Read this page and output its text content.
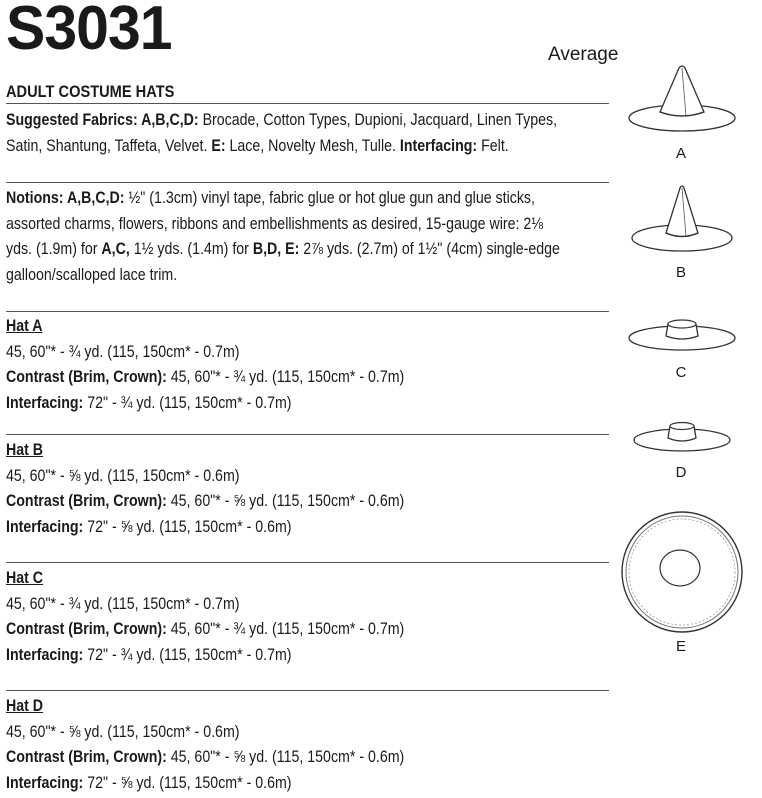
S3031	Average
ADULT COSTUME HATS
Suggested Fabrics: A,B,C,D: Brocade, Cotton Types, Dupioni, Jacquard, Linen Types,
Satin, Shantung, Taffeta, Velvet. E: Lace, Novelty Mesh, Tulle. Interfacing: Felt.
Notions: A,B,C,D: ½" (1.3cm) vinyl tape, fabric glue or hot glue gun and glue sticks,
assorted charms, flowers, ribbons and embellishments as desired, 15-gauge wire: 2⅛
yds. (1.9m) for A,C, 1½ yds. (1.4m) for B,D, E: 2⅞ yds. (2.7m) of 1½" (4cm) single-edge
galloon/scalloped lace trim.
Hat A
45, 60"* - ¾ yd. (115, 150cm* - 0.7m)
Contrast (Brim, Crown): 45, 60"* - ¾ yd. (115, 150cm* - 0.7m)
Interfacing: 72" - ¾ yd. (115, 150cm* - 0.7m)
Hat B
45, 60"* - ⅝ yd. (115, 150cm* - 0.6m)
Contrast (Brim, Crown): 45, 60"* - ⅝ yd. (115, 150cm* - 0.6m)
Interfacing: 72" - ⅝ yd. (115, 150cm* - 0.6m)
Hat C
45, 60"* - ¾ yd. (115, 150cm* - 0.7m)
Contrast (Brim, Crown): 45, 60"* - ¾ yd. (115, 150cm* - 0.7m)
Interfacing: 72" - ¾ yd. (115, 150cm* - 0.7m)
Hat D
45, 60"* - ⅝ yd. (115, 150cm* - 0.6m)
Contrast (Brim, Crown): 45, 60"* - ⅝ yd. (115, 150cm* - 0.6m)
Interfacing: 72" - ⅝ yd. (115, 150cm* - 0.6m)
A
B
C
D
E
